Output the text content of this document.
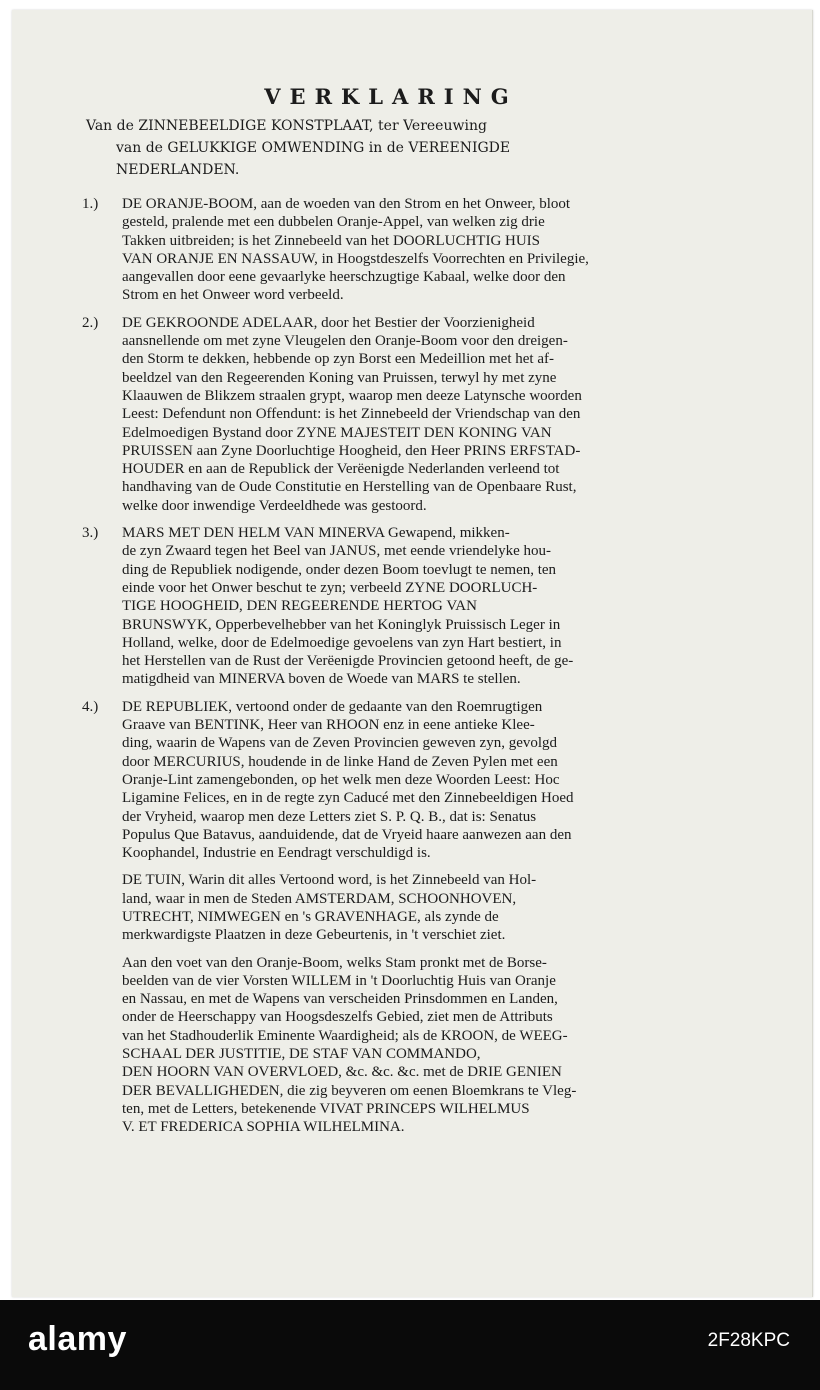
VERKLARING
Van de ZINNEBEELDIGE KONSTPLAAT, ter Vereeuwing
van de GELUKKIGE OMWENDING in de VEREENIGDE
NEDERLANDEN.
1.) DE ORANJE-BOOM, aan de woeden van den Strom en het Onweer, bloot
gesteld, pralende met een dubbelen Oranje-Appel, van welken zig drie
Takken uitbreiden; is het Zinnebeeld van het DOORLUCHTIG HUIS
VAN ORANJE EN NASSAUW, in Hoogstdeszelfs Voorrechten en Privilegie,
aangevallen door eene gevaarlyke heerschzugtige Kabaal, welke door den
Strom en het Onweer word verbeeld.
2.) DE GEKROONDE ADELAAR, door het Bestier der Voorzienigheid
aansnellende om met zyne Vleugelen den Oranje-Boom voor den dreigen-
den Storm te dekken, hebbende op zyn Borst een Medeillion met het af-
beeldzel van den Regeerenden Koning van Pruissen, terwyl hy met zyne
Klaauwen de Blikzem straalen grypt, waarop men deeze Latynsche woorden
Leest: Defendunt non Offendunt: is het Zinnebeeld der Vriendschap van den
Edelmoedigen Bystand door ZYNE MAJESTEIT DEN KONING VAN
PRUISSEN aan Zyne Doorluchtige Hoogheid, den Heer PRINS ERFSTAD-
HOUDER en aan de Republick der Verëenigde Nederlanden verleend tot
handhaving van de Oude Constitutie en Herstelling van de Openbaare Rust,
welke door inwendige Verdeeldhede was gestoord.
3.) MARS MET DEN HELM VAN MINERVA Gewapend, mikken-
de zyn Zwaard tegen het Beel van JANUS, met eende vriendelyke hou-
ding de Republiek nodigende, onder dezen Boom toevlugt te nemen, ten
einde voor het Onwer beschut te zyn; verbeeld ZYNE DOORLUCH-
TIGE HOOGHEID, DEN REGEERENDE HERTOG VAN
BRUNSWYK, Opperbevelhebber van het Koninglyk Pruissisch Leger in
Holland, welke, door de Edelmoedige gevoelens van zyn Hart bestiert, in
het Herstellen van de Rust der Verëenigde Provincien getoond heeft, de ge-
matigdheid van MINERVA boven de Woede van MARS te stellen.
4.) DE REPUBLIEK, vertoond onder de gedaante van den Roemrugtigen
Graave van BENTINK, Heer van RHOON enz in eene antieke Klee-
ding, waarin de Wapens van de Zeven Provincien geweven zyn, gevolgd
door MERCURIUS, houdende in de linke Hand de Zeven Pylen met een
Oranje-Lint zamengebonden, op het welk men deze Woorden Leest: Hoc
Ligamine Felices, en in de regte zyn Caducé met den Zinnebeeldigen Hoed
der Vryheid, waarop men deze Letters ziet S. P. Q. B., dat is: Senatus
Populus Que Batavus, aanduidende, dat de Vryeid haare aanwezen aan den
Koophandel, Industrie en Eendragt verschuldigd is.
DE TUIN, Warin dit alles Vertoond word, is het Zinnebeeld van Hol-
land, waar in men de Steden AMSTERDAM, SCHOONHOVEN,
UTRECHT, NIMWEGEN en 's GRAVENHAGE, als zynde de
merkwardigste Plaatzen in deze Gebeurtenis, in 't verschiet ziet.
Aan den voet van den Oranje-Boom, welks Stam pronkt met de Borse-
beelden van de vier Vorsten WILLEM in 't Doorluchtig Huis van Oranje
en Nassau, en met de Wapens van verscheiden Prinsdommen en Landen,
onder de Heerschappy van Hoogsdeszelfs Gebied, ziet men de Attributs
van het Stadhouderlik Eminente Waardigheid; als de KROON, de WEEG-
SCHAAL DER JUSTITIE, DE STAF VAN COMMANDO,
DEN HOORN VAN OVERVLOED, &c. &c. &c. met de DRIE GENIEN
DER BEVALLIGHEDEN, die zig beyveren om eenen Bloemkrans te Vleg-
ten, met de Letters, betekenende VIVAT PRINCEPS WILHELMUS
V. ET FREDERICA SOPHIA WILHELMINA.
alamy	2F28KPC
